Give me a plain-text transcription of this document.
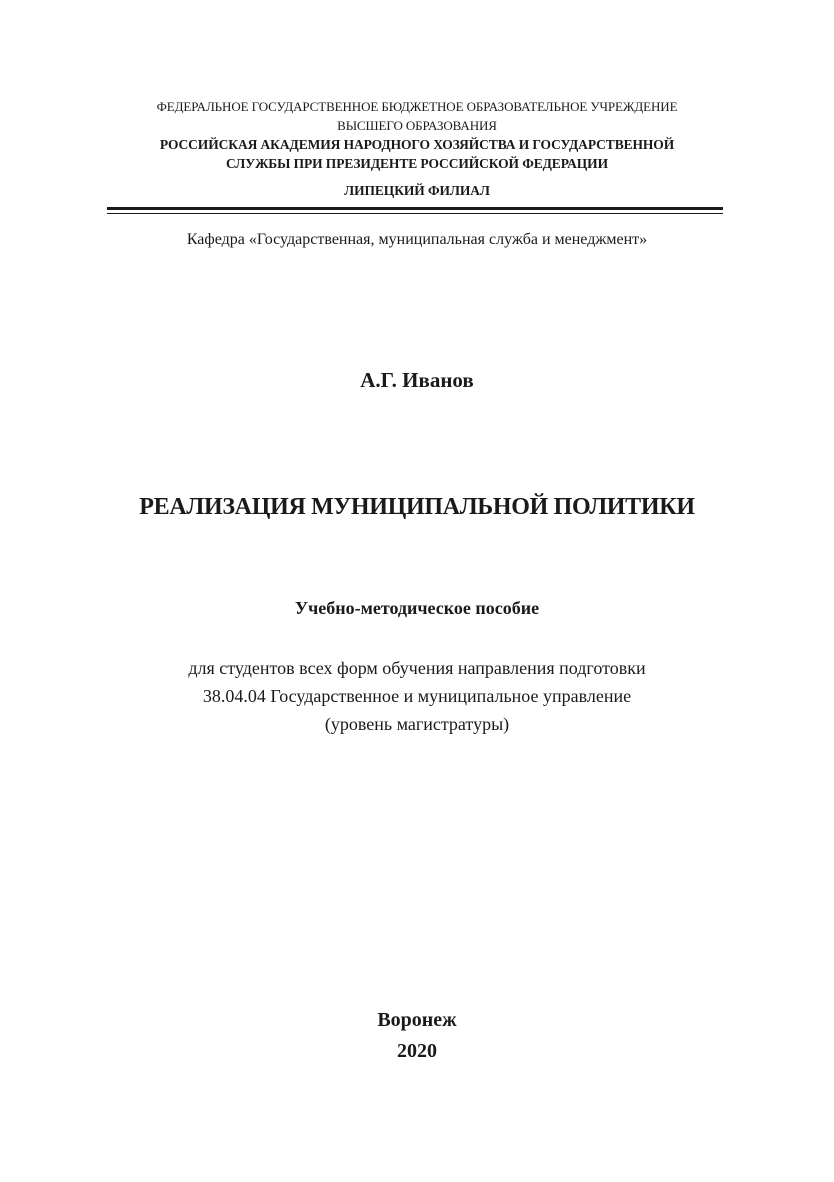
ФЕДЕРАЛЬНОЕ ГОСУДАРСТВЕННОЕ БЮДЖЕТНОЕ ОБРАЗОВАТЕЛЬНОЕ УЧРЕЖДЕНИЕ
ВЫСШЕГО ОБРАЗОВАНИЯ
РОССИЙСКАЯ АКАДЕМИЯ НАРОДНОГО ХОЗЯЙСТВА И ГОСУДАРСТВЕННОЙ
СЛУЖБЫ ПРИ ПРЕЗИДЕНТЕ РОССИЙСКОЙ ФЕДЕРАЦИИ
ЛИПЕЦКИЙ ФИЛИАЛ
Кафедра «Государственная, муниципальная служба и менеджмент»
А.Г. Иванов
РЕАЛИЗАЦИЯ МУНИЦИПАЛЬНОЙ ПОЛИТИКИ
Учебно-методическое пособие
для студентов всех форм обучения направления подготовки
38.04.04 Государственное и муниципальное управление
(уровень магистратуры)
Воронеж
2020
